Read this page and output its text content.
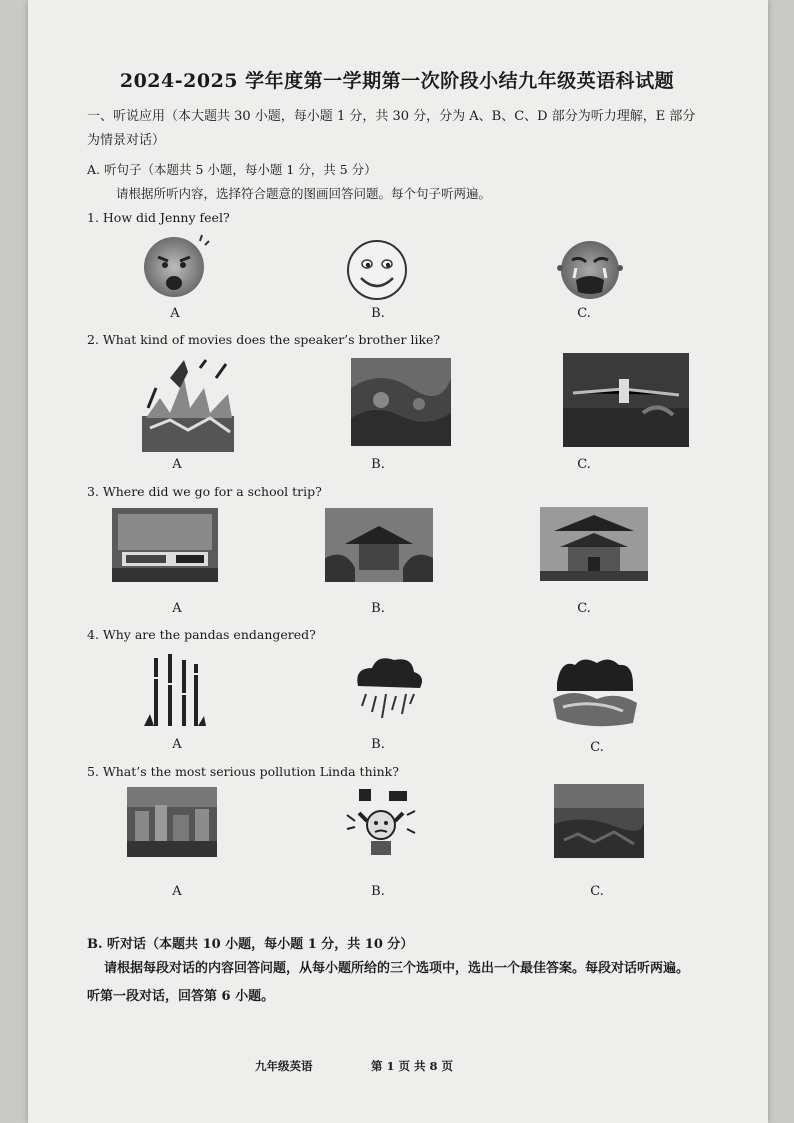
2024-2025 学年度第一学期第一次阶段小结九年级英语科试题
一、听说应用（本大题共 30 小题，每小题 1 分，共 30 分，分为 A、B、C、D 部分为听力理解，E 部分
为情景对话）
A. 听句子（本题共 5 小题，每小题 1 分，共 5 分）
请根据所听内容，选择符合题意的图画回答问题。每个句子听两遍。
1. How did Jenny feel?
A	B.	C.
2. What kind of movies does the speaker’s brother like?
A	B.	C.
3. Where did we go for a school trip?
A	B.	C.
4. Why are the pandas endangered?
A	B.	C.
5. What’s the most serious pollution Linda think?
A	B.	C.
B. 听对话（本题共 10 小题，每小题 1 分，共 10 分）
请根据每段对话的内容回答问题，从每小题所给的三个选项中，选出一个最佳答案。每段对话听两遍。
听第一段对话，回答第 6 小题。
九年级英语	第 1 页 共 8 页
